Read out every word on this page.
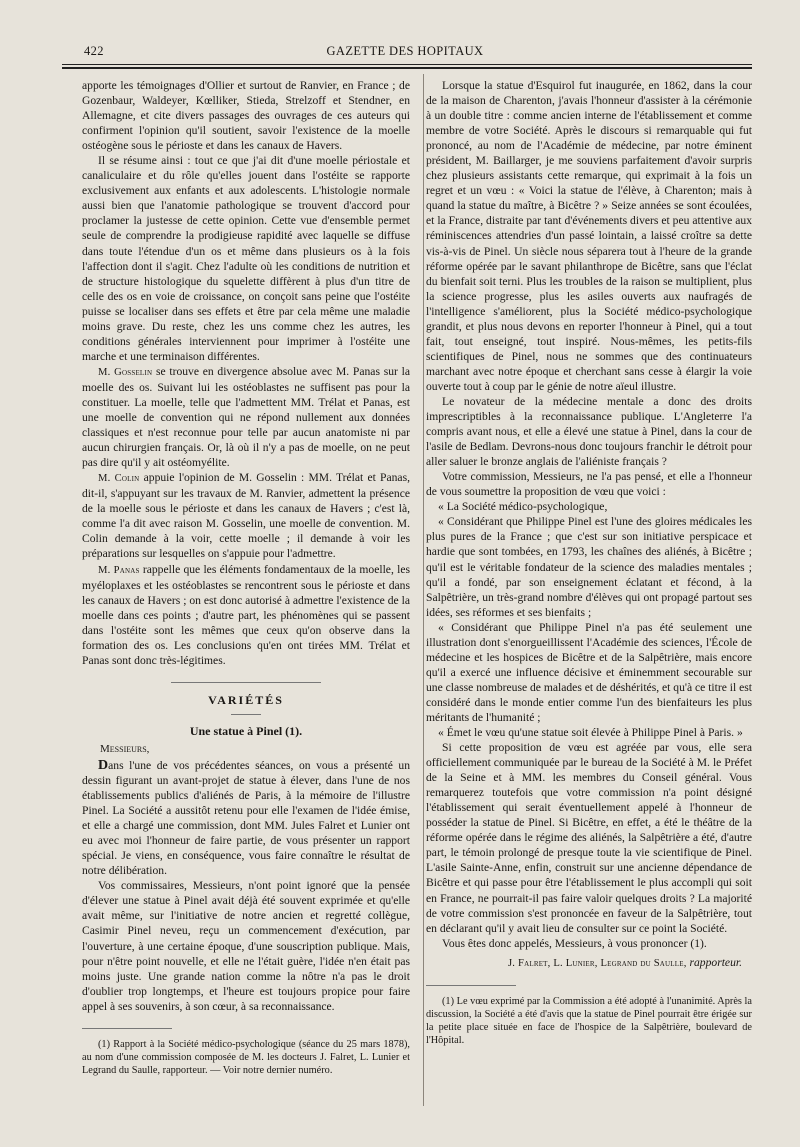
422	GAZETTE DES HOPITAUX

apporte les témoignages d'Ollier et surtout de Ranvier, en France ; de Gozenbaur, Waldeyer, Kœlliker, Stieda, Strelzoff et Stendner, en Allemagne, et cite divers passages des ouvrages de ces auteurs qui confirment l'opinion qu'il soutient, savoir l'existence de la moelle ostéogène sous le périoste et dans les canaux de Havers.

Il se résume ainsi : tout ce que j'ai dit d'une moelle périostale et canaliculaire et du rôle qu'elles jouent dans l'ostéite se rapporte exclusivement aux enfants et aux adolescents. L'histologie normale aussi bien que l'anatomie pathologique se trouvent d'accord pour proclamer la justesse de cette opinion. Cette vue d'ensemble permet seule de comprendre la prodigieuse rapidité avec laquelle se diffuse dans toute l'étendue d'un os et même dans plusieurs os à la fois l'affection dont il s'agit. Chez l'adulte où les conditions de nutrition et de structure histologique du squelette diffèrent à plus d'un titre de celle des os en voie de croissance, on conçoit sans peine que l'ostéite puisse se localiser dans ses effets et être par cela même une maladie moins grave. Du reste, chez les uns comme chez les autres, les conditions générales interviennent pour imprimer à l'ostéite une marche et une terminaison différentes.

M. Gosselin se trouve en divergence absolue avec M. Panas sur la moelle des os. Suivant lui les ostéoblastes ne suffisent pas pour la constituer. La moelle, telle que l'admettent MM. Trélat et Panas, est une moelle de convention qui ne répond nullement aux données classiques et n'est reconnue pour telle par aucun anatomiste ni par aucun chirurgien français. Or, là où il n'y a pas de moelle, on ne peut pas dire qu'il y ait ostéomyélite.

M. Colin appuie l'opinion de M. Gosselin : MM. Trélat et Panas, dit-il, s'appuyant sur les travaux de M. Ranvier, admettent la présence de la moelle sous le périoste et dans les canaux de Havers ; c'est là, comme l'a dit avec raison M. Gosselin, une moelle de convention. M. Colin demande à la voir, cette moelle ; il demande à voir les préparations sur lesquelles on s'appuie pour l'admettre.

M. Panas rappelle que les éléments fondamentaux de la moelle, les myéloplaxes et les ostéoblastes se rencontrent sous le périoste et dans les canaux de Havers ; on est donc autorisé à admettre l'existence de la moelle dans ces points ; d'autre part, les phénomènes qui se passent dans l'ostéite sont les mêmes que ceux qu'on observe dans la formation des os. Les conclusions qu'en ont tirées MM. Trélat et Panas sont donc très-légitimes.

VARIÉTÉS
Une statue à Pinel (1).
Messieurs,

Dans l'une de vos précédentes séances, on vous a présenté un dessin figurant un avant-projet de statue à élever, dans l'une de nos établissements publics d'aliénés de Paris, à la mémoire de l'illustre Pinel. La Société a aussitôt retenu pour elle l'examen de l'idée émise, et elle a chargé une commission, dont MM. Jules Falret et Lunier ont eu avec moi l'honneur de faire partie, de vous présenter un rapport spécial. Je viens, en conséquence, vous faire connaître le résultat de notre délibération.

Vos commissaires, Messieurs, n'ont point ignoré que la pensée d'élever une statue à Pinel avait déjà été souvent exprimée et qu'elle avait même, sur l'initiative de notre ancien et regretté collègue, Casimir Pinel neveu, reçu un commencement d'exécution, par l'ouverture, à une certaine époque, d'une souscription publique. Mais, pour n'être point nouvelle, et elle ne l'était guère, l'idée n'en était pas moins juste. Une grande nation comme la nôtre n'a pas le droit d'oublier trop longtemps, et l'heure est toujours propice pour faire appel à ses souvenirs, à son cœur, à sa reconnaissance.

(1) Rapport à la Société médico-psychologique (séance du 25 mars 1878), au nom d'une commission composée de M. les docteurs J. Falret, L. Lunier et Legrand du Saulle, rapporteur. — Voir notre dernier numéro.

Lorsque la statue d'Esquirol fut inaugurée, en 1862, dans la cour de la maison de Charenton, j'avais l'honneur d'assister à la cérémonie à un double titre : comme ancien interne de l'établissement et comme membre de votre Société. Après le discours si remarquable qui fut prononcé, au nom de l'Académie de médecine, par notre éminent président, M. Baillarger, je me souviens parfaitement d'avoir surpris chez plusieurs assistants cette remarque, qui exprimait à la fois un regret et un vœu : « Voici la statue de l'élève, à Charenton; mais à quand la statue du maître, à Bicêtre ? » Seize années se sont écoulées, et la France, distraite par tant d'événements divers et peu attentive aux réminiscences attendries d'un passé lointain, a laissé croître sa dette vis-à-vis de Pinel. Un siècle nous séparera tout à l'heure de la grande réforme opérée par le savant philanthrope de Bicêtre, sans que l'éclat du bienfait soit terni. Plus les troubles de la raison se multiplient, plus la science progresse, plus les asiles ouverts aux naufragés de l'intelligence s'améliorent, plus la Société médico-psychologique grandit, et plus nous devons en reporter l'honneur à Pinel, qui a tout fait, tout enseigné, tout inspiré. Nous-mêmes, les petits-fils scientifiques de Pinel, nous ne sommes que des continuateurs marchant avec notre époque et cherchant sans cesse à élargir la voie ouverte tout à coup par le génie de notre aïeul illustre.

Le novateur de la médecine mentale a donc des droits imprescriptibles à la reconnaissance publique. L'Angleterre l'a compris avant nous, et elle a élevé une statue à Pinel, dans la cour de l'asile de Bedlam. Devrons-nous donc toujours franchir le détroit pour aller saluer le bronze anglais de l'aliéniste français ?

Votre commission, Messieurs, ne l'a pas pensé, et elle a l'honneur de vous soumettre la proposition de vœu que voici :

« La Société médico-psychologique,

« Considérant que Philippe Pinel est l'une des gloires médicales les plus pures de la France ; que c'est sur son initiative perspicace et hardie que sont tombées, en 1793, les chaînes des aliénés, à Bicêtre ; qu'il est le véritable fondateur de la science des maladies mentales ; qu'il a fondé, par son enseignement éclatant et fécond, à la Salpêtrière, un très-grand nombre d'élèves qui ont propagé partout ses idées, ses réformes et ses bienfaits ;

« Considérant que Philippe Pinel n'a pas été seulement une illustration dont s'enorgueillissent l'Académie des sciences, l'École de médecine et les hospices de Bicêtre et de la Salpêtrière, mais encore qu'il a exercé une influence décisive et éminemment secourable sur une classe nombreuse de malades et de déshérités, et qu'à ce titre il est considéré dans le monde entier comme l'un des bienfaiteurs les plus méritants de l'humanité ;

« Émet le vœu qu'une statue soit élevée à Philippe Pinel à Paris. »

Si cette proposition de vœu est agréée par vous, elle sera officiellement communiquée par le bureau de la Société à M. le Préfet de la Seine et à MM. les membres du Conseil général. Vous remarquerez toutefois que votre commission n'a point désigné l'établissement qui serait éventuellement appelé à l'honneur de posséder la statue de Pinel. Si Bicêtre, en effet, a été le théâtre de la réforme opérée dans le régime des aliénés, la Salpêtrière a été, d'autre part, le témoin prolongé de presque toute la vie scientifique de Pinel. L'asile Sainte-Anne, enfin, construit sur une ancienne dépendance de Bicêtre et qui passe pour être l'établissement le plus accompli qui soit en France, ne pourrait-il pas faire valoir quelques droits ? La majorité de votre commission s'est prononcée en faveur de la Salpêtrière, tout en déclarant qu'il y avait lieu de consulter sur ce point la Société.

Vous êtes donc appelés, Messieurs, à vous prononcer (1).

J. Falret, L. Lunier, Legrand du Saulle, rapporteur.

(1) Le vœu exprimé par la Commission a été adopté à l'unanimité. Après la discussion, la Société a été d'avis que la statue de Pinel pourrait être érigée sur la petite place située en face de l'hospice de la Salpêtrière, boulevard de l'Hôpital.
